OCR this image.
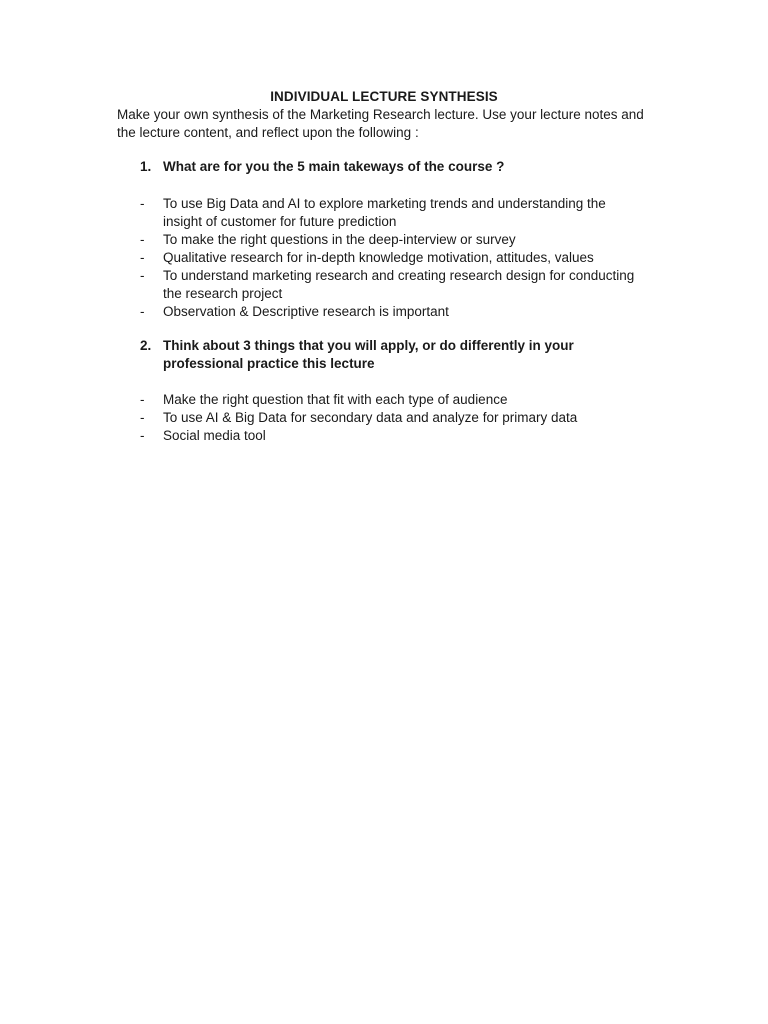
INDIVIDUAL LECTURE SYNTHESIS
Make your own synthesis of the Marketing Research lecture. Use your lecture notes and the lecture content, and reflect upon the following :
1. What are for you the 5 main takeways of the course ?
- To use Big Data and AI to explore marketing trends and understanding the insight of customer for future prediction
- To make the right questions in the deep-interview or survey
- Qualitative research for in-depth knowledge motivation, attitudes, values
- To understand marketing research and creating research design for conducting the research project
- Observation & Descriptive research is important
2. Think about 3 things that you will apply, or do differently in your professional practice this lecture
- Make the right question that fit with each type of audience
- To use AI & Big Data for secondary data and analyze for primary data
- Social media tool
